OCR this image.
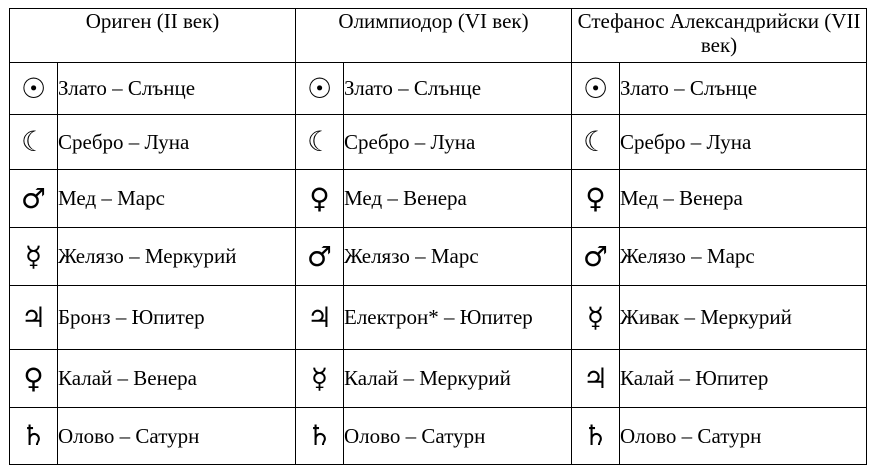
Ориген (II век)		Олимпиодор (VI век)		Стефанос Александрийски (VII век)	
☉	Злато – Слънце	☉	Злато – Слънце	☉	Злато – Слънце
☾	Сребро – Луна	☾	Сребро – Луна	☾	Сребро – Луна
♂	Мед – Марс	♀	Мед – Венера	♀	Мед – Венера
☿	Желязо – Меркурий	♂	Желязо – Марс	♂	Желязо – Марс
♃	Бронз – Юпитер	♃	Електрон* – Юпитер	☿	Живак – Меркурий
♀	Калай – Венера	☿	Калай – Меркурий	♃	Калай – Юпитер
♄	Олово – Сатурн	♄	Олово – Сатурн	♄	Олово – Сатурн
